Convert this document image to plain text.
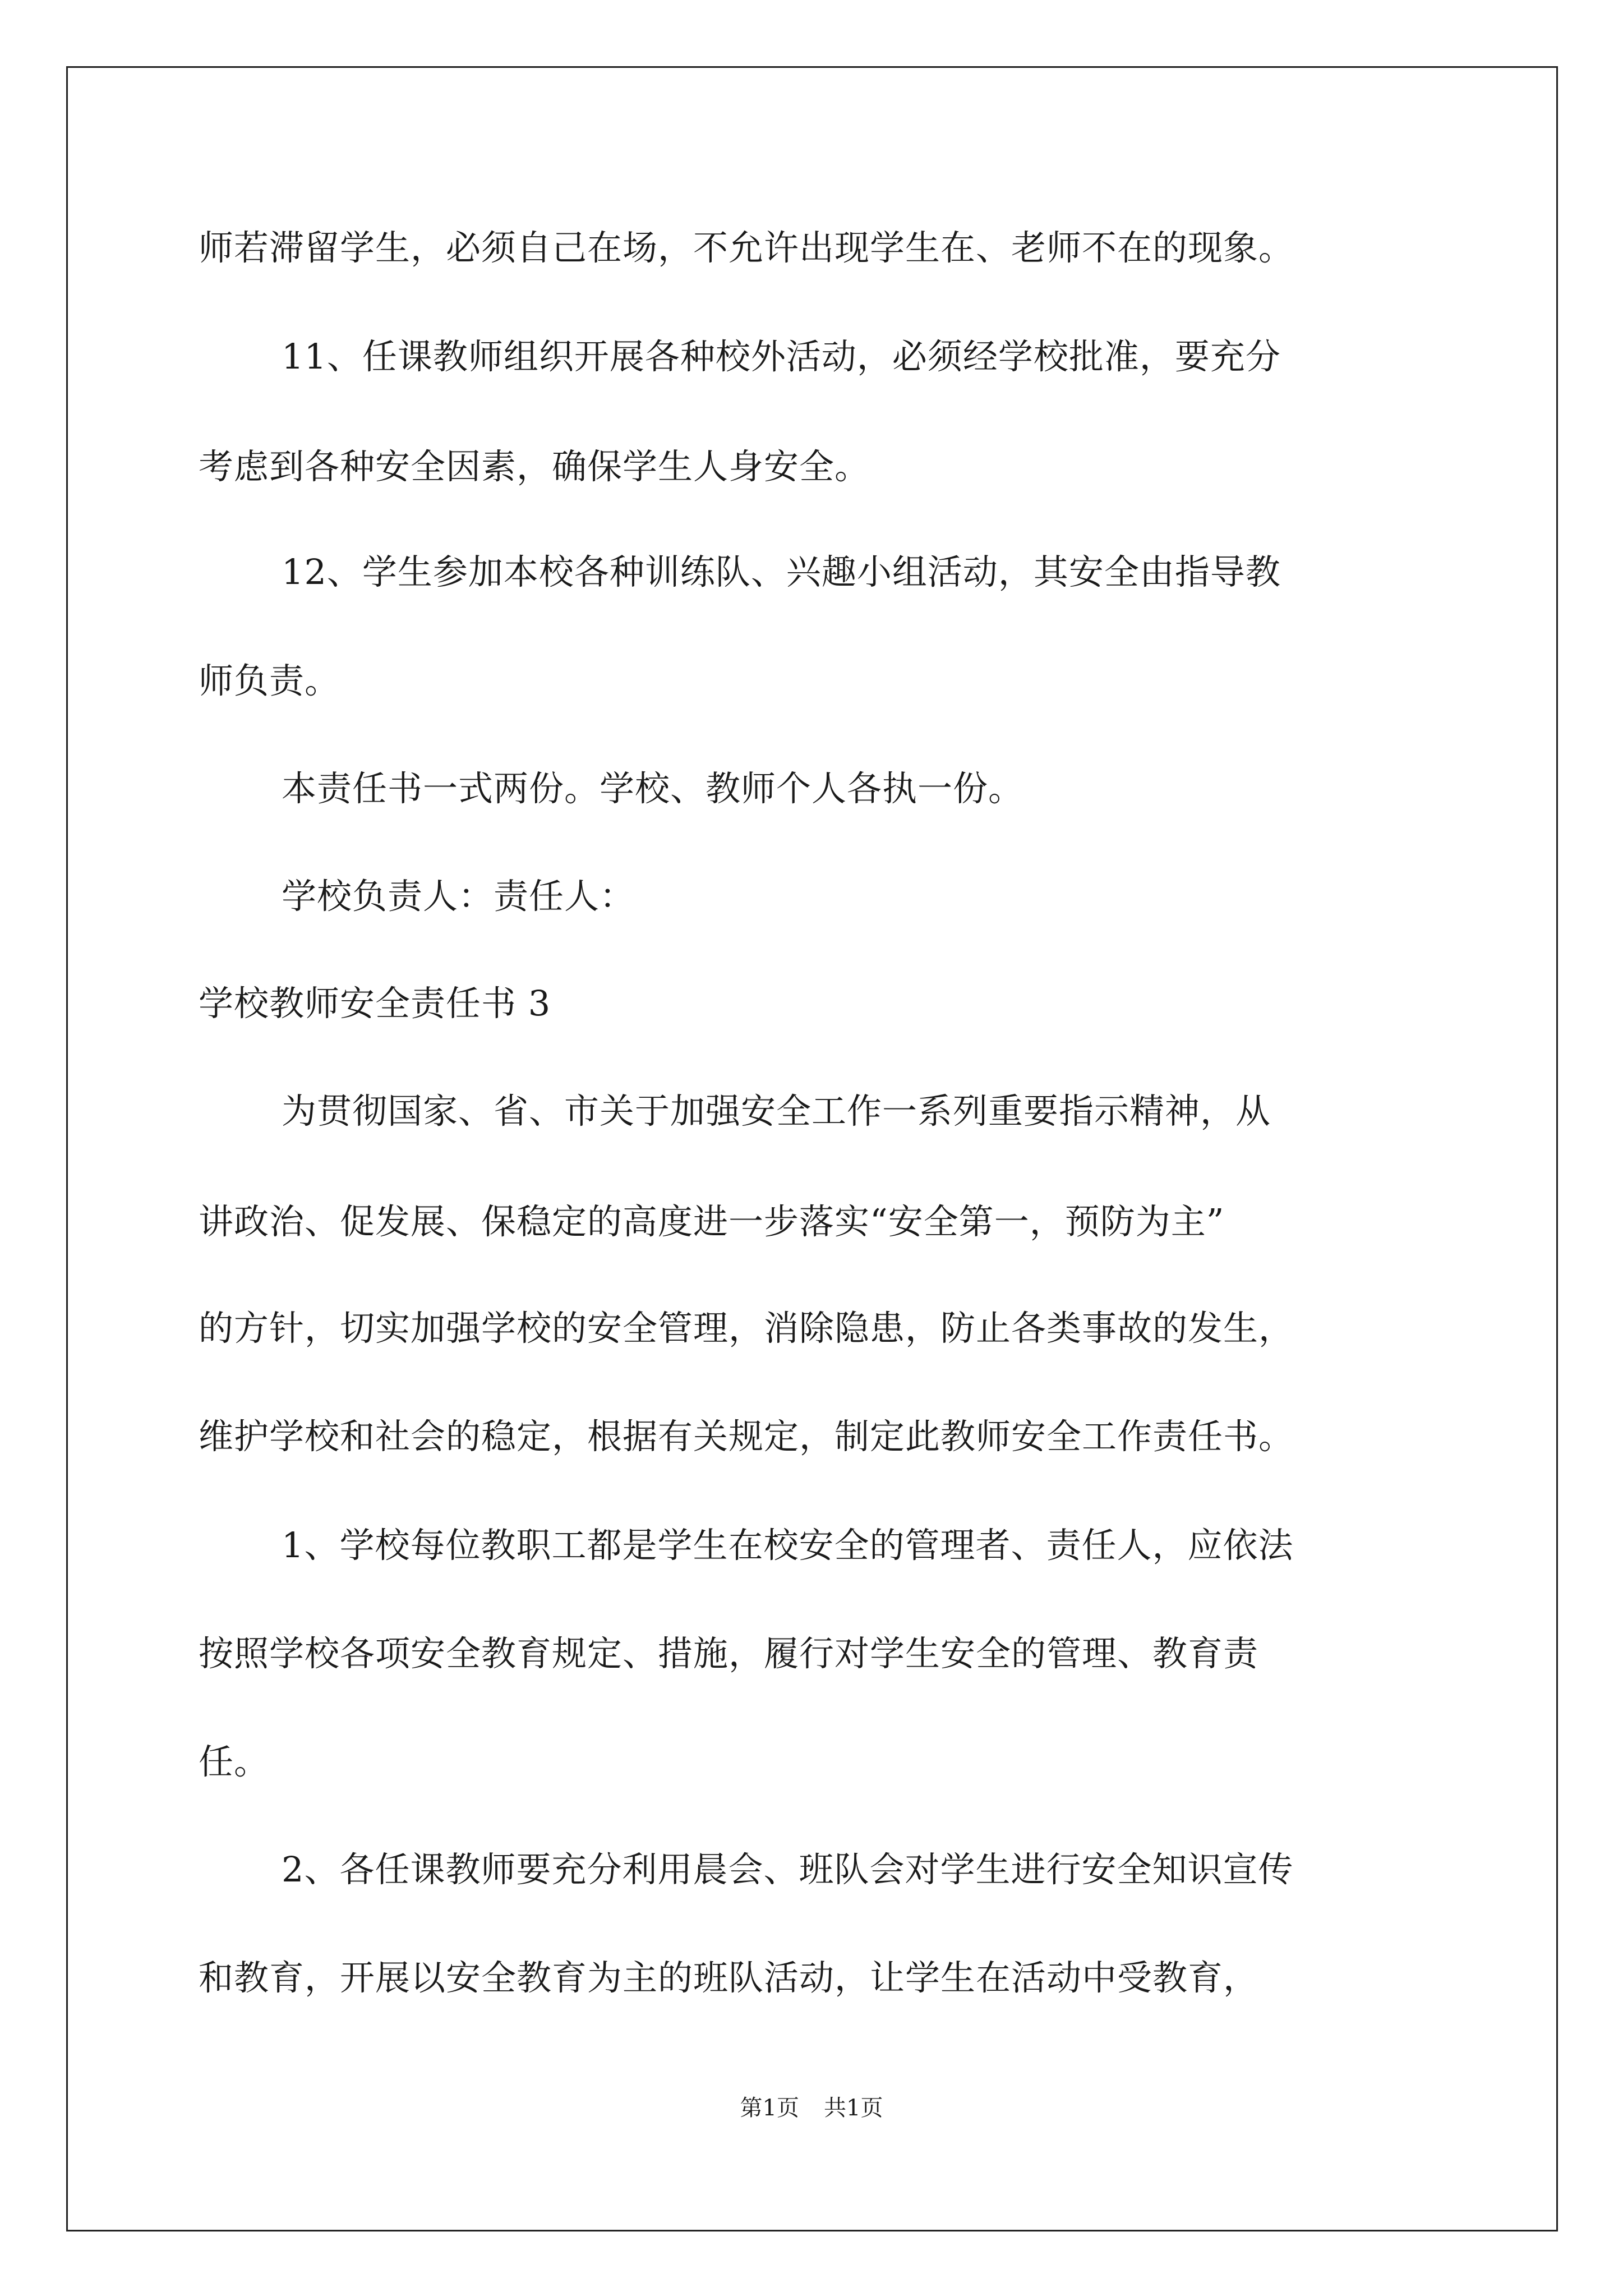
师若滞留学生，必须自己在场，不允许出现学生在、老师不在的现象。
11、任课教师组织开展各种校外活动，必须经学校批准，要充分
考虑到各种安全因素，确保学生人身安全。
12、学生参加本校各种训练队、兴趣小组活动，其安全由指导教
师负责。
本责任书一式两份。学校、教师个人各执一份。
学校负责人：责任人：
学校教师安全责任书 3
为贯彻国家、省、市关于加强安全工作一系列重要指示精神，从
讲政治、促发展、保稳定的高度进一步落实“安全第一，预防为主”
的方针，切实加强学校的安全管理，消除隐患，防止各类事故的发生，
维护学校和社会的稳定，根据有关规定，制定此教师安全工作责任书。
1、学校每位教职工都是学生在校安全的管理者、责任人，应依法
按照学校各项安全教育规定、措施，履行对学生安全的管理、教育责
任。
2、各任课教师要充分利用晨会、班队会对学生进行安全知识宣传
和教育，开展以安全教育为主的班队活动，让学生在活动中受教育，
第1页 共1页
